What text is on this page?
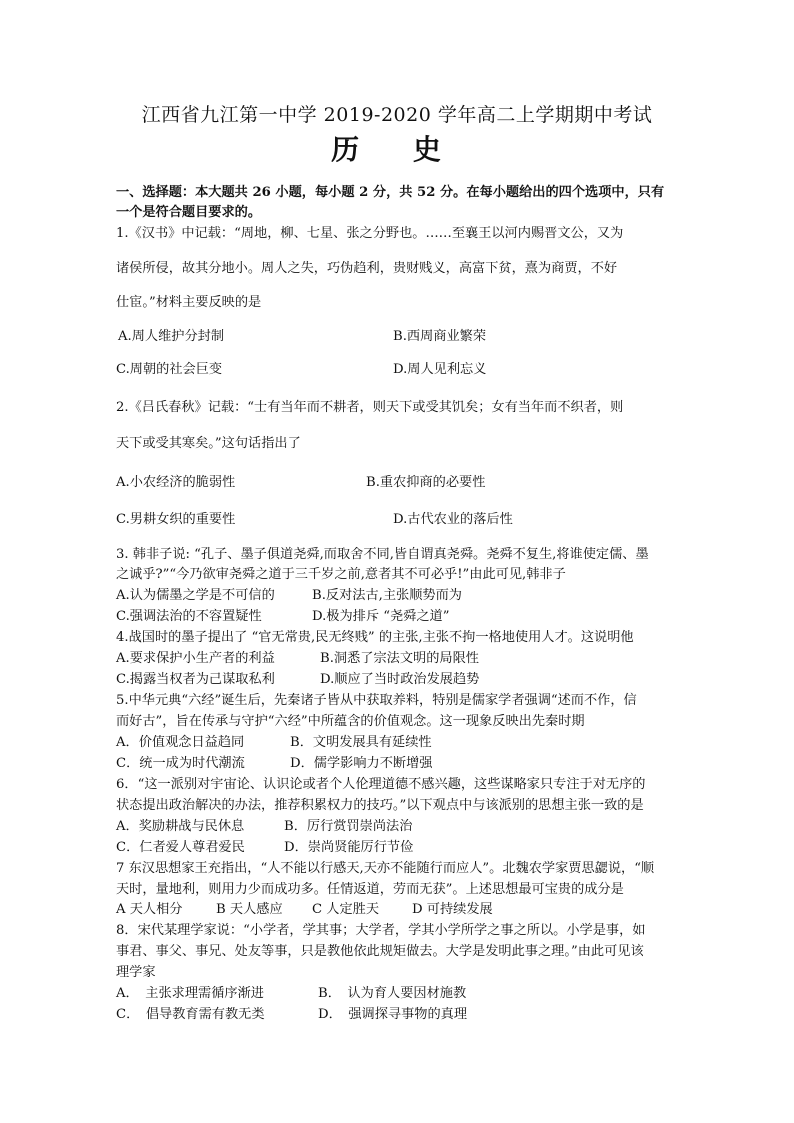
江西省九江第一中学 2019-2020 学年高二上学期期中考试
历 史
一、选择题：本大题共 26 小题，每小题 2 分，共 52 分。在每小题给出的四个选项中，只有
一个是符合题目要求的。
1.《汉书》中记载：“周地，柳、七星、张之分野也。……至襄王以河内赐晋文公，又为
诸侯所侵，故其分地小。周人之失，巧伪趋利，贵财贱义，高富下贫，熹为商贾，不好
仕宦。”材料主要反映的是
A.周人维护分封制	B.西周商业繁荣
C.周朝的社会巨变	D.周人见利忘义
2.《吕氏春秋》记载：“士有当年而不耕者，则天下或受其饥矣；女有当年而不织者，则
天下或受其寒矣。”这句话指出了
A.小农经济的脆弱性	B.重农抑商的必要性
C.男耕女织的重要性	D.古代农业的落后性
3. 韩非子说: “孔子、墨子俱道尧舜,而取舍不同,皆自谓真尧舜。尧舜不复生,将谁使定儒、墨
之诚乎?”“今乃欲审尧舜之道于三千岁之前,意者其不可必乎!”由此可见,韩非子
A.认为儒墨之学是不可信的	B.反对法古,主张顺势而为
C.强调法治的不容置疑性	D.极为排斥 “尧舜之道”
4.战国时的墨子提出了 “官无常贵,民无终贱” 的主张,主张不拘一格地使用人才。这说明他
A.要求保护小生产者的利益	B.洞悉了宗法文明的局限性
C.揭露当权者为己谋取私利	D.顺应了当时政治发展趋势
5.中华元典“六经”诞生后，先秦诸子皆从中获取养料，特别是儒家学者强调“述而不作，信
而好古”，旨在传承与守护“六经”中所蕴含的价值观念。这一现象反映出先秦时期
A．价值观念日益趋同	B．文明发展具有延续性
C．统一成为时代潮流	D．儒学影响力不断增强
6．“这一派别对宇宙论、认识论或者个人伦理道德不感兴趣，这些谋略家只专注于对无序的
状态提出政治解决的办法，推荐积累权力的技巧。”以下观点中与该派别的思想主张一致的是
A．奖励耕战与民休息	B．厉行赏罚崇尚法治
C．仁者爱人尊君爱民	D．崇尚贤能厉行节俭
7 东汉思想家王充指出，“人不能以行感天,天亦不能随行而应人”。北魏农学家贾思勰说，“顺
天时，量地利，则用力少而成功多。任情返道，劳而无获”。上述思想最可宝贵的成分是
A 天人相分	B 天人感应 C 人定胜天 D 可持续发展
8．宋代某理学家说：“小学者，学其事；大学者，学其小学所学之事之所以。小学是事，如
事君、事父、事兄、处友等事，只是教他依此规矩做去。大学是发明此事之理。”由此可见该
理学家
A．　主张求理需循序渐进	B．　认为育人要因材施教
C．　倡导教育需有教无类	D．　强调探寻事物的真理
